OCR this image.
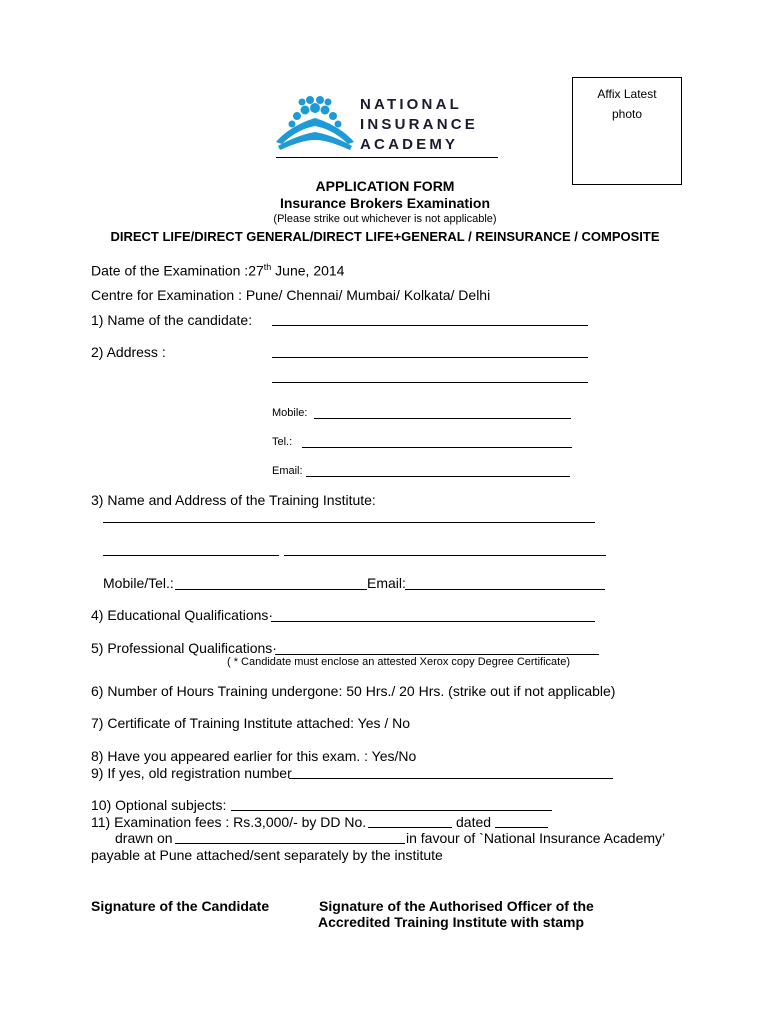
Affix Latest
photo
NATIONAL
INSURANCE
ACADEMY
APPLICATION FORM
Insurance Brokers Examination
(Please strike out whichever is not applicable)
DIRECT LIFE/DIRECT GENERAL/DIRECT LIFE+GENERAL / REINSURANCE / COMPOSITE
Date of the Examination :27th June, 2014
Centre for Examination : Pune/ Chennai/ Mumbai/ Kolkata/ Delhi
1) Name of the candidate:
2) Address :
Mobile:
Tel.:
Email:
3) Name and Address of the Training Institute:
Mobile/Tel.:	Email:
4) Educational Qualifications·
5) Professional Qualifications·
( * Candidate must enclose an attested Xerox copy Degree Certificate)
6) Number of Hours Training undergone: 50 Hrs./ 20 Hrs. (strike out if not applicable)
7) Certificate of Training Institute attached: Yes / No
8) Have you appeared earlier for this exam. : Yes/No
9) If yes, old registration number
10) Optional subjects:
11) Examination fees : Rs.3,000/- by DD No.	dated
drawn on	in favour of `National Insurance Academy’
payable at Pune attached/sent separately by the institute
Signature of the Candidate	Signature of the Authorised Officer of the
Accredited Training Institute with stamp
